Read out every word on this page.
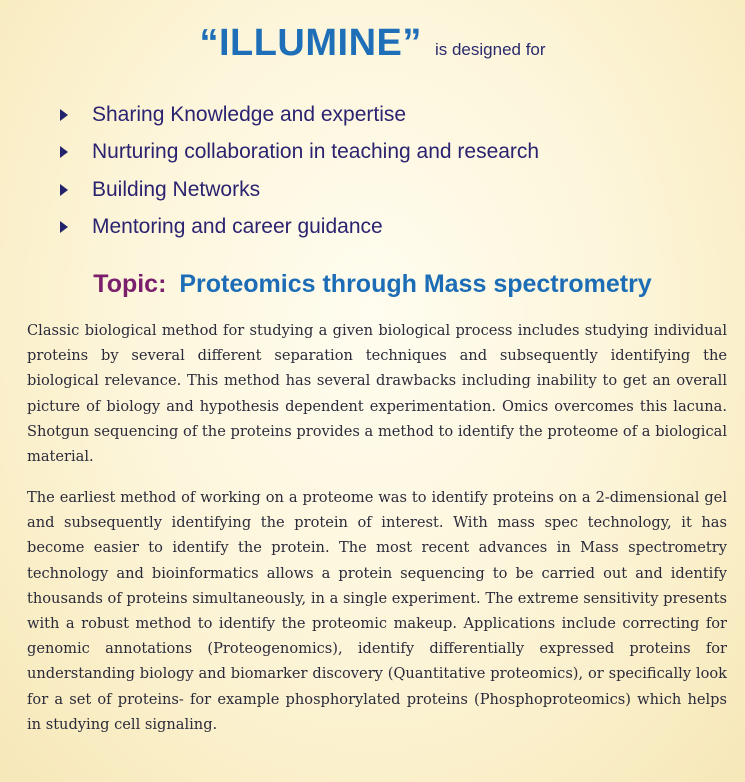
“ILLUMINE” is designed for
Sharing Knowledge and expertise
Nurturing collaboration in teaching and research
Building Networks
Mentoring and career guidance
Topic: Proteomics through Mass spectrometry

Classic biological method for studying a given biological process includes studying individual proteins by several different separation techniques and subsequently identifying the biological relevance. This method has several drawbacks including inability to get an overall picture of biology and hypothesis dependent experimentation. Omics overcomes this lacuna. Shotgun sequencing of the proteins provides a method to identify the proteome of a biological material.

The earliest method of working on a proteome was to identify proteins on a 2-dimensional gel and subsequently identifying the protein of interest. With mass spec technology, it has become easier to identify the protein. The most recent advances in Mass spectrometry technology and bioinformatics allows a protein sequencing to be carried out and identify thousands of proteins simultaneously, in a single experiment. The extreme sensitivity presents with a robust method to identify the proteomic makeup. Applications include correcting for genomic annotations (Proteogenomics), identify differentially expressed proteins for understanding biology and biomarker discovery (Quantitative proteomics), or specifically look for a set of proteins- for example phosphorylated proteins (Phosphoproteomics) which helps in studying cell signaling.
